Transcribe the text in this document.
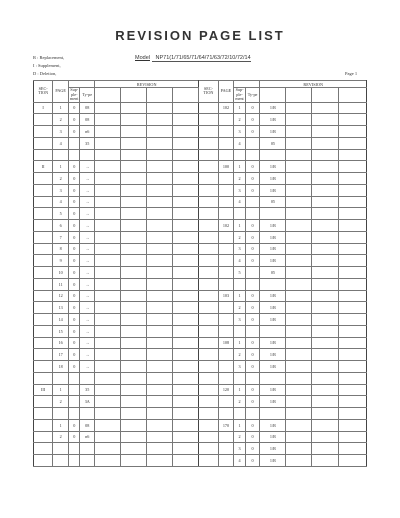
REVISION PAGE LIST
R : Replacement,
I : Supplement,
D : Deletion,
Model NP71(1/71/65/71/64/71/63/72/10/72/14
Page 1
SEC-TION	PAGE			REVISION				SEC-TION	PAGE			REVISION			
		Sup-ple-ment	Ty-pe							Sup-ple-ment	Ty-pe				
I	1	0	08						102	1	0	1/R			
	2	0	08							2	0	1/R			
	3	0	n6							3	0	1/R			
	4		35							4		05			

II	1	0	→						100	1	0	1/R			
	2	0	→							2	0	1/R			
	3	0	→							3	0	1/R			
	4	0	→							4		05			
	5	0	→												
	6	0	→						102	1	0	1/R			
	7	0	→							2	0	1/R			
	8	0	→							3	0	1/R			
	9	0	→							4	0	1/R			
	10	0	→							5		05			
	11	0	→												
	12	0	→						103	1	0	1/R			
	13	0	→							2	0	1/R			
	14	0	→							3	0	1/R			
	15	0	→												
	16	0	→						108	1	0	1/R			
	17	0	→							2	0	1/R			
	18	0	→							3	0	1/R			

III	1		35						120	1	0	1/R			
	2		3A							2	0	1/R			

	1	0	08						170	1	0	1/R			
	2	0	n6							2	0	1/R			
										3	0	1/R			
										4	0	1/R			
